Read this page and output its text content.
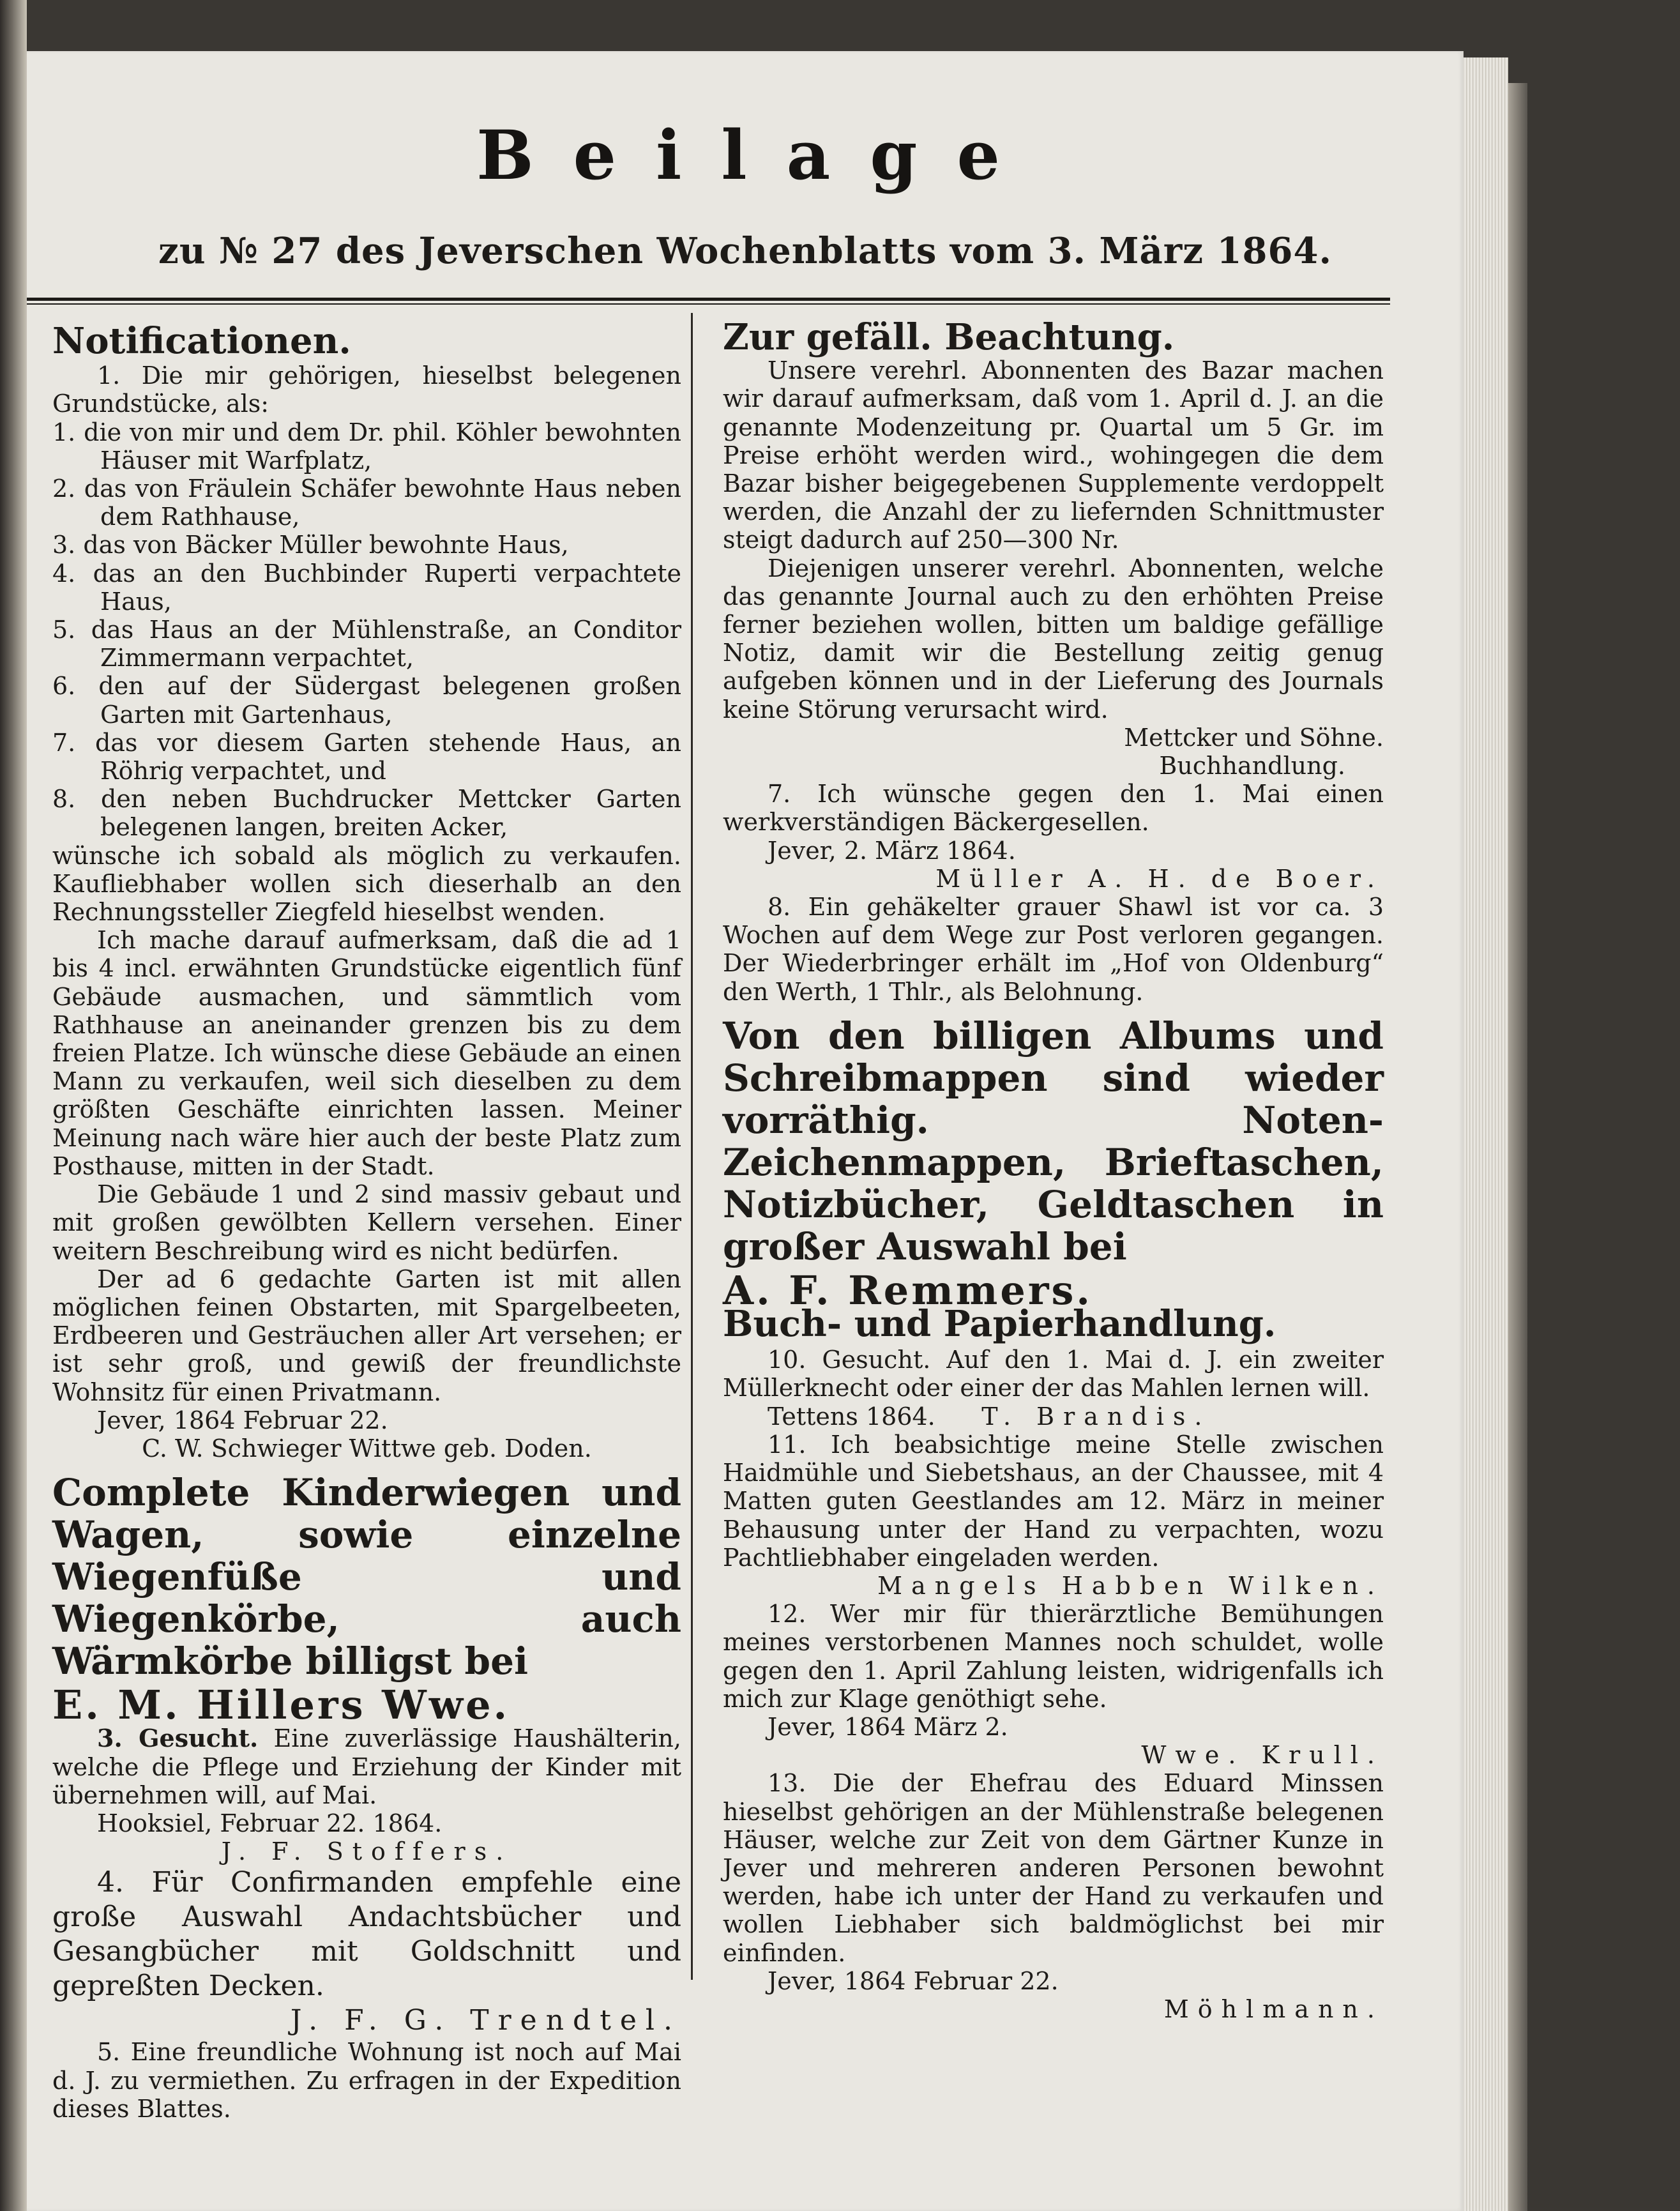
Beilage
zu № 27 des Jeverschen Wochenblatts vom 3. März 1864.

Notificationen.

1. Die mir gehörigen, hieselbst belegenen Grundstücke, als:

1. die von mir und dem Dr. phil. Köhler bewohnten Häuser mit Warfplatz,

2. das von Fräulein Schäfer bewohnte Haus neben dem Rathhause,

3. das von Bäcker Müller bewohnte Haus,

4. das an den Buchbinder Ruperti verpachtete Haus,

5. das Haus an der Mühlenstraße, an Conditor Zimmermann verpachtet,

6. den auf der Südergast belegenen großen Garten mit Gartenhaus,

7. das vor diesem Garten stehende Haus, an Röhrig verpachtet, und

8. den neben Buchdrucker Mettcker Garten belegenen langen, breiten Acker,

wünsche ich sobald als möglich zu verkaufen. Kaufliebhaber wollen sich dieserhalb an den Rechnungssteller Ziegfeld hieselbst wenden.

Ich mache darauf aufmerksam, daß die ad 1 bis 4 incl. erwähnten Grundstücke eigentlich fünf Gebäude ausmachen, und sämmtlich vom Rathhause an aneinander grenzen bis zu dem freien Platze. Ich wünsche diese Gebäude an einen Mann zu verkaufen, weil sich dieselben zu dem größten Geschäfte einrichten lassen. Meiner Meinung nach wäre hier auch der beste Platz zum Posthause, mitten in der Stadt.

Die Gebäude 1 und 2 sind massiv gebaut und mit großen gewölbten Kellern versehen. Einer weitern Beschreibung wird es nicht bedürfen.

Der ad 6 gedachte Garten ist mit allen möglichen feinen Obstarten, mit Spargelbeeten, Erdbeeren und Gesträuchen aller Art versehen; er ist sehr groß, und gewiß der freundlichste Wohnsitz für einen Privatmann.

Jever, 1864 Februar 22.

C. W. Schwieger Wittwe geb. Doden.

Complete Kinderwiegen und Wagen, sowie einzelne Wiegenfüße und Wiegenkörbe, auch Wärmkörbe billigst bei

E. M. Hillers Wwe.

3. Gesucht. Eine zuverlässige Haushälterin, welche die Pflege und Erziehung der Kinder mit übernehmen will, auf Mai.

Hooksiel, Februar 22. 1864.

J. F. Stoffers.

4. Für Confirmanden empfehle eine große Auswahl Andachtsbücher und Gesangbücher mit Goldschnitt und gepreßten Decken.

J. F. G. Trendtel.

5. Eine freundliche Wohnung ist noch auf Mai d. J. zu vermiethen. Zu erfragen in der Expedition dieses Blattes.

Zur gefäll. Beachtung.

Unsere verehrl. Abonnenten des Bazar machen wir darauf aufmerksam, daß vom 1. April d. J. an die genannte Modenzeitung pr. Quartal um 5 Gr. im Preise erhöht werden wird., wohingegen die dem Bazar bisher beigegebenen Supplemente verdoppelt werden, die Anzahl der zu liefernden Schnittmuster steigt dadurch auf 250—300 Nr.

Diejenigen unserer verehrl. Abonnenten, welche das genannte Journal auch zu den erhöhten Preise ferner beziehen wollen, bitten um baldige gefällige Notiz, damit wir die Bestellung zeitig genug aufgeben können und in der Lieferung des Journals keine Störung verursacht wird.

Mettcker und Söhne.

Buchhandlung.

7. Ich wünsche gegen den 1. Mai einen werkverständigen Bäckergesellen.

Jever, 2. März 1864.

Müller A. H. de Boer.

8. Ein gehäkelter grauer Shawl ist vor ca. 3 Wochen auf dem Wege zur Post verloren gegangen. Der Wiederbringer erhält im „Hof von Oldenburg“ den Werth, 1 Thlr., als Belohnung.

Von den billigen Albums und Schreibmappen sind wieder vorräthig. Noten-Zeichenmappen, Brieftaschen, Notizbücher, Geldtaschen in großer Auswahl bei

A. F. Remmers.

Buch- und Papierhandlung.

10. Gesucht. Auf den 1. Mai d. J. ein zweiter Müllerknecht oder einer der das Mahlen lernen will.

Tettens 1864. T. Brandis.

11. Ich beabsichtige meine Stelle zwischen Haidmühle und Siebetshaus, an der Chaussee, mit 4 Matten guten Geestlandes am 12. März in meiner Behausung unter der Hand zu verpachten, wozu Pachtliebhaber eingeladen werden.

Mangels Habben Wilken.

12. Wer mir für thierärztliche Bemühungen meines verstorbenen Mannes noch schuldet, wolle gegen den 1. April Zahlung leisten, widrigenfalls ich mich zur Klage genöthigt sehe.

Jever, 1864 März 2.

Wwe. Krull.

13. Die der Ehefrau des Eduard Minssen hieselbst gehörigen an der Mühlenstraße belegenen Häuser, welche zur Zeit von dem Gärtner Kunze in Jever und mehreren anderen Personen bewohnt werden, habe ich unter der Hand zu verkaufen und wollen Liebhaber sich baldmöglichst bei mir einfinden.

Jever, 1864 Februar 22.

Möhlmann.
